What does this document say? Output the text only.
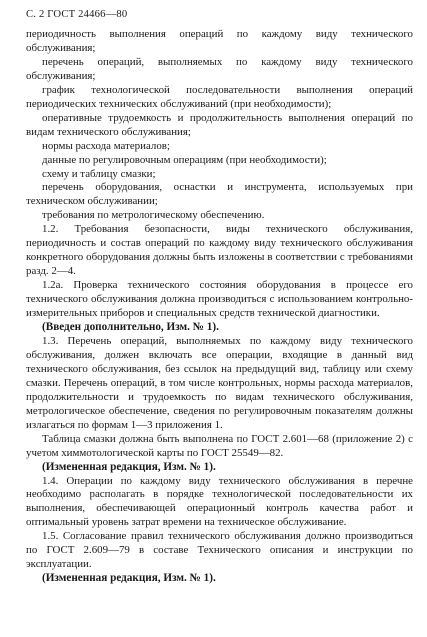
С. 2 ГОСТ 24466—80

периодичность выполнения операций по каждому виду технического обслуживания;

перечень операций, выполняемых по каждому виду технического обслуживания;

график технологической последовательности выполнения операций периодических технических обслуживаний (при необходимости);

оперативные трудоемкость и продолжительность выполнения операций по видам технического обслуживания;

нормы расхода материалов;

данные по регулировочным операциям (при необходимости);

схему и таблицу смазки;

перечень оборудования, оснастки и инструмента, используемых при техническом обслуживании;

требования по метрологическому обеспечению.

1.2. Требования безопасности, виды технического обслуживания, периодичность и состав операций по каждому виду технического обслуживания конкретного оборудования должны быть изложены в соответствии с требованиями разд. 2—4.

1.2а. Проверка технического состояния оборудования в процессе его технического обслуживания должна производиться с использованием контрольно-измерительных приборов и специальных средств технической диагностики.

(Введен дополнительно, Изм. № 1).

1.3. Перечень операций, выполняемых по каждому виду технического обслуживания, должен включать все операции, входящие в данный вид технического обслуживания, без ссылок на предыдущий вид, таблицу или схему смазки. Перечень операций, в том числе контрольных, нормы расхода материалов, продолжительности и трудоемкость по видам технического обслуживания, метрологическое обеспечение, сведения по регулировочным показателям должны излагаться по формам 1—3 приложения 1.

Таблица смазки должна быть выполнена по ГОСТ 2.601—68 (приложение 2) с учетом химмотологической карты по ГОСТ 25549—82.

(Измененная редакция, Изм. № 1).

1.4. Операции по каждому виду технического обслуживания в перечне необходимо располагать в порядке технологической последовательности их выполнения, обеспечивающей операционный контроль качества работ и оптимальный уровень затрат времени на техническое обслуживание.

1.5. Согласование правил технического обслуживания должно производиться по ГОСТ 2.609—79 в составе Технического описания и инструкции по эксплуатации.

(Измененная редакция, Изм. № 1).
